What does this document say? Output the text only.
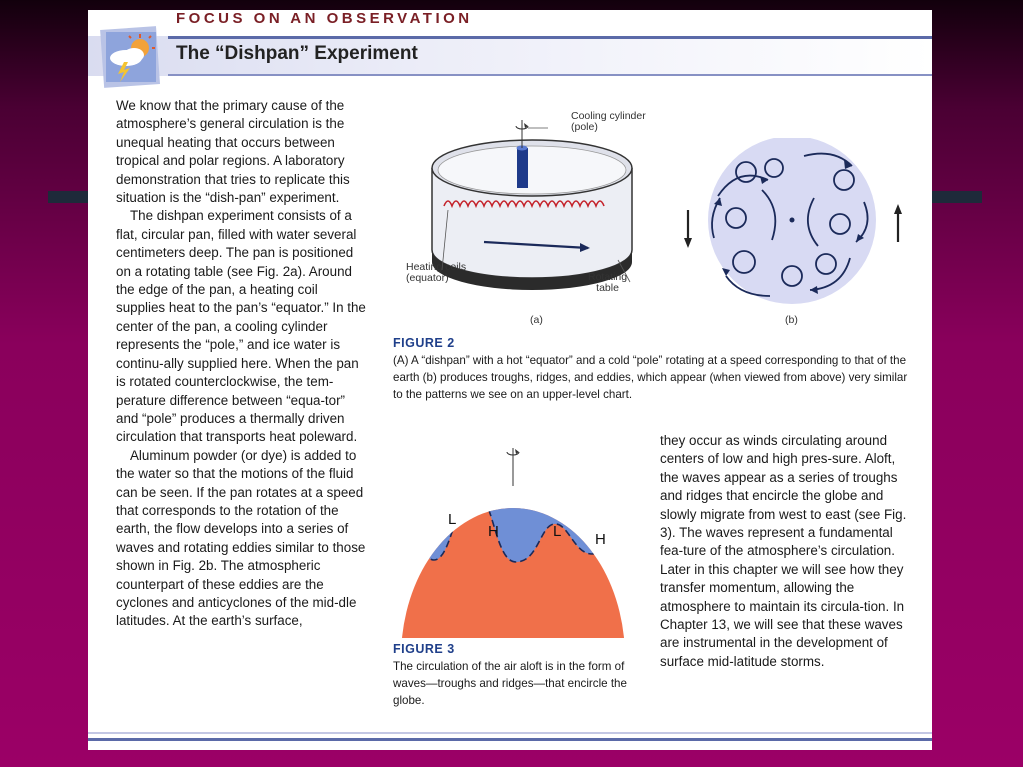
FOCUS ON AN OBSERVATION
The “Dishpan” Experiment

We know that the primary cause of the atmosphere’s general circulation is the unequal heating that occurs between tropical and polar regions. A laboratory demonstration that tries to replicate this situation is the “dish-pan” experiment.

The dishpan experiment consists of a flat, circular pan, filled with water several centimeters deep. The pan is positioned on a rotating table (see Fig. 2a). Around the edge of the pan, a heating coil supplies heat to the pan’s “equator.” In the center of the pan, a cooling cylinder represents the “pole,” and ice water is continu-ally supplied here. When the pan is rotated counterclockwise, the tem-perature difference between “equa-tor” and “pole” produces a thermally driven circulation that transports heat poleward.

Aluminum powder (or dye) is added to the water so that the motions of the fluid can be seen. If the pan rotates at a speed that corresponds to the rotation of the earth, the flow develops into a series of waves and rotating eddies similar to those shown in Fig. 2b. The atmospheric counterpart of these eddies are the cyclones and anticyclones of the mid-dle latitudes. At the earth’s surface,

Cooling cylinder
(pole)
Heating coils
(equator)	Rotating
table
(a)	(b)
FIGURE 2
(A) A “dishpan” with a hot “equator” and a cold “pole” rotating at a speed corresponding to that of the earth (b) produces troughs, ridges, and eddies, which appear (when viewed from above) very similar to the patterns we see on an upper-level chart.
L
H	L H
FIGURE 3
The circulation of the air aloft is in the form of waves—troughs and ridges—that encircle the globe.

they occur as winds circulating around centers of low and high pres-sure. Aloft, the waves appear as a series of troughs and ridges that encircle the globe and slowly migrate from west to east (see Fig. 3). The waves represent a fundamental fea-ture of the atmosphere’s circulation. Later in this chapter we will see how they transfer momentum, allowing the atmosphere to maintain its circula-tion. In Chapter 13, we will see that these waves are instrumental in the development of surface mid-latitude storms.
